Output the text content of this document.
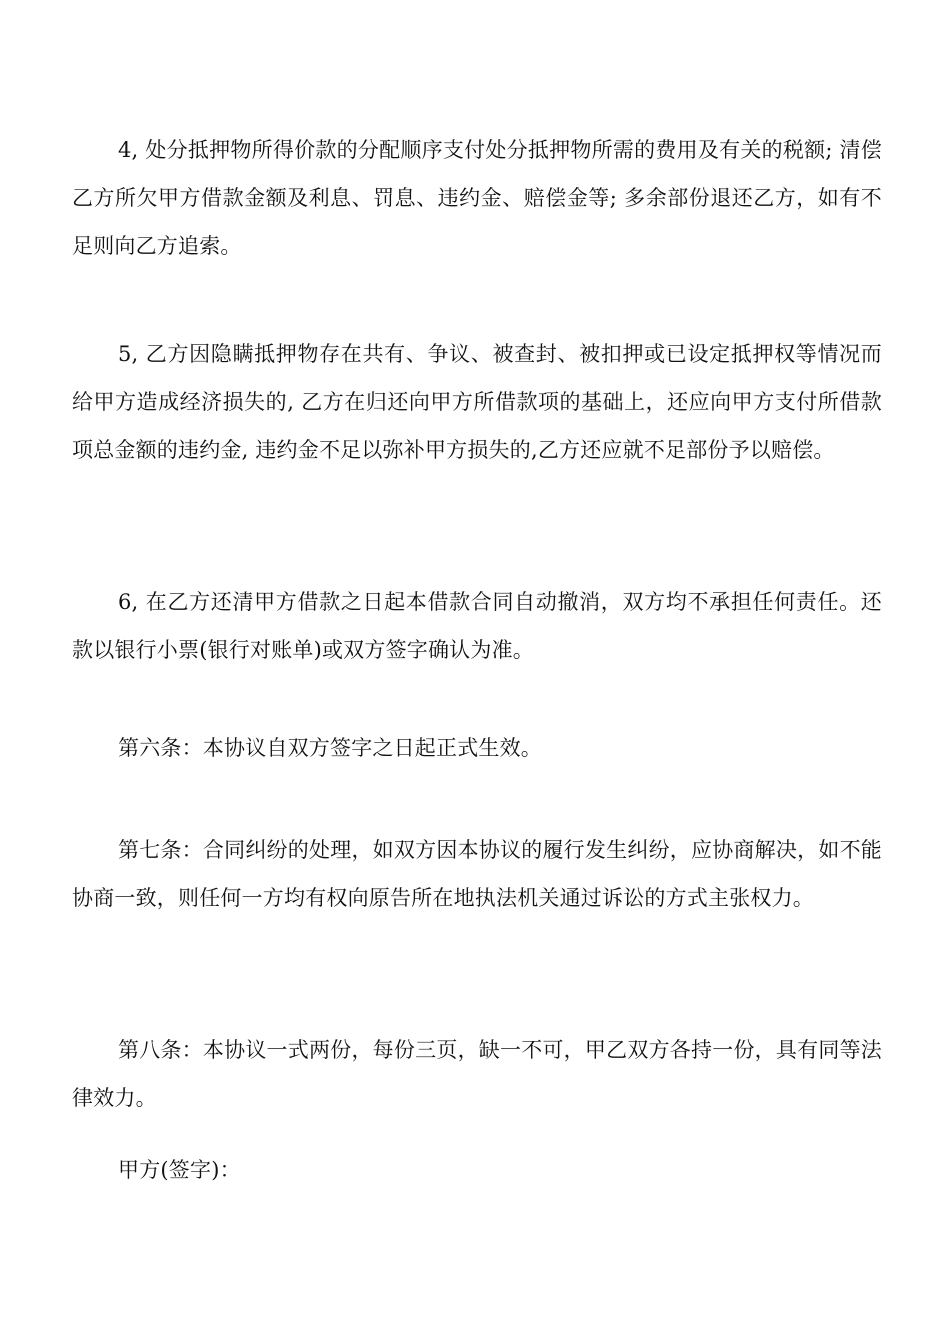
4, 处分抵押物所得价款的分配顺序支付处分抵押物所需的费用及有关的税额; 清偿乙方所欠甲方借款金额及利息、罚息、违约金、赔偿金等; 多余部份退还乙方，如有不足则向乙方追索。

5, 乙方因隐瞒抵押物存在共有、争议、被查封、被扣押或已设定抵押权等情况而给甲方造成经济损失的, 乙方在归还向甲方所借款项的基础上，还应向甲方支付所借款项总金额的违约金, 违约金不足以弥补甲方损失的,乙方还应就不足部份予以赔偿。

6, 在乙方还清甲方借款之日起本借款合同自动撤消，双方均不承担任何责任。还款以银行小票(银行对账单)或双方签字确认为准。

第六条：本协议自双方签字之日起正式生效。

第七条：合同纠纷的处理，如双方因本协议的履行发生纠纷，应协商解决，如不能协商一致，则任何一方均有权向原告所在地执法机关通过诉讼的方式主张权力。

第八条：本协议一式两份，每份三页，缺一不可，甲乙双方各持一份，具有同等法律效力。

甲方(签字)：
